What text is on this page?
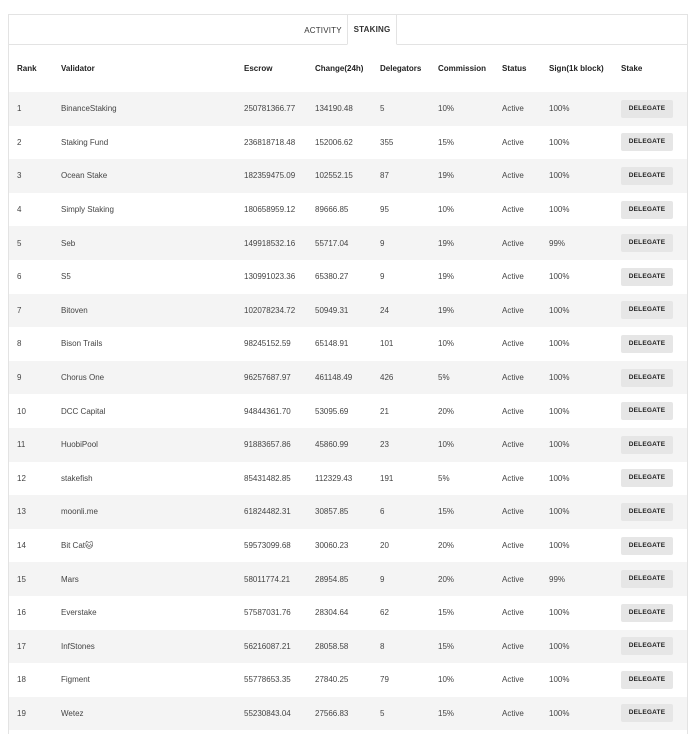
ACTIVITY	STAKING
Rank	Validator	Escrow	Change(24h)	Delegators	Commission	Status	Sign(1k block)	Stake
1	BinanceStaking	250781366.77	134190.48	5	10%	Active	100%	DELEGATE
2	Staking Fund	236818718.48	152006.62	355	15%	Active	100%	DELEGATE
3	Ocean Stake	182359475.09	102552.15	87	19%	Active	100%	DELEGATE
4	Simply Staking	180658959.12	89666.85	95	10%	Active	100%	DELEGATE
5	Seb	149918532.16	55717.04	9	19%	Active	99%	DELEGATE
6	S5	130991023.36	65380.27	9	19%	Active	100%	DELEGATE
7	Bitoven	102078234.72	50949.31	24	19%	Active	100%	DELEGATE
8	Bison Trails	98245152.59	65148.91	101	10%	Active	100%	DELEGATE
9	Chorus One	96257687.97	461148.49	426	5%	Active	100%	DELEGATE
10	DCC Capital	94844361.70	53095.69	21	20%	Active	100%	DELEGATE
11	HuobiPool	91883657.86	45860.99	23	10%	Active	100%	DELEGATE
12	stakefish	85431482.85	112329.43	191	5%	Active	100%	DELEGATE
13	moonli.me	61824482.31	30857.85	6	15%	Active	100%	DELEGATE
14	Bit Cat🐱	59573099.68	30060.23	20	20%	Active	100%	DELEGATE
15	Mars	58011774.21	28954.85	9	20%	Active	99%	DELEGATE
16	Everstake	57587031.76	28304.64	62	15%	Active	100%	DELEGATE
17	InfStones	56216087.21	28058.58	8	15%	Active	100%	DELEGATE
18	Figment	55778653.35	27840.25	79	10%	Active	100%	DELEGATE
19	Wetez	55230843.04	27566.83	5	15%	Active	100%	DELEGATE
